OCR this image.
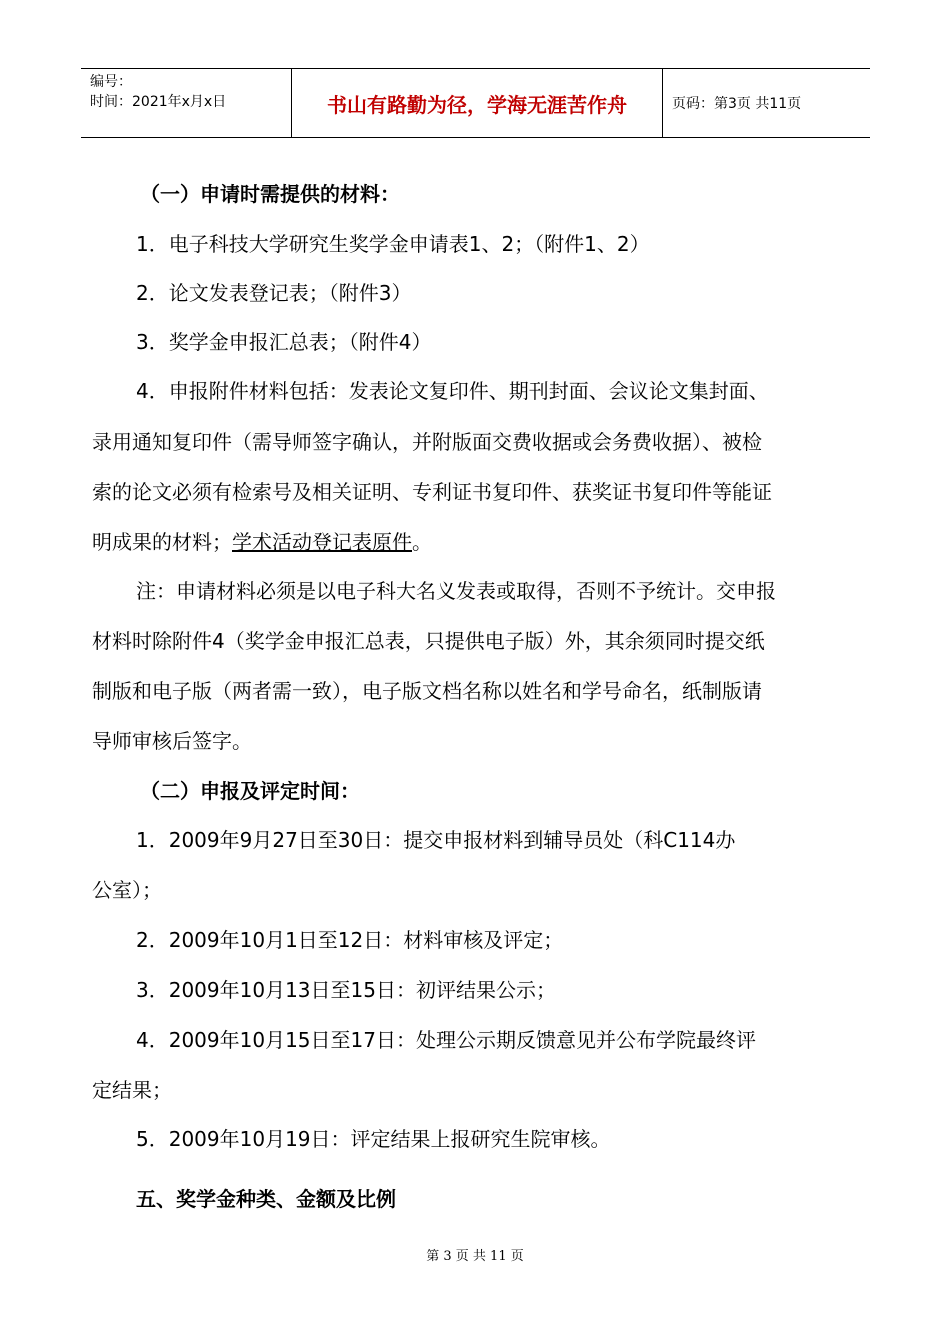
编号：
时间：2021年x月x日	书山有路勤为径，学海无涯苦作舟	页码：第3页 共11页
（一）申请时需提供的材料：
1．电子科技大学研究生奖学金申请表1、2；（附件1、2）
2．论文发表登记表；（附件3）
3．奖学金申报汇总表；（附件4）
4．申报附件材料包括：发表论文复印件、期刊封面、会议论文集封面、
录用通知复印件（需导师签字确认，并附版面交费收据或会务费收据）、被检
索的论文必须有检索号及相关证明、专利证书复印件、获奖证书复印件等能证
明成果的材料；学术活动登记表原件。
注：申请材料必须是以电子科大名义发表或取得，否则不予统计。交申报
材料时除附件4（奖学金申报汇总表，只提供电子版）外，其余须同时提交纸
制版和电子版（两者需一致），电子版文档名称以姓名和学号命名，纸制版请
导师审核后签字。
（二）申报及评定时间：
1．2009年9月27日至30日：提交申报材料到辅导员处（科C114办
公室）；
2．2009年10月1日至12日：材料审核及评定；
3．2009年10月13日至15日：初评结果公示；
4．2009年10月15日至17日：处理公示期反馈意见并公布学院最终评
定结果；
5．2009年10月19日：评定结果上报研究生院审核。
五、奖学金种类、金额及比例
第 3 页 共 11 页
